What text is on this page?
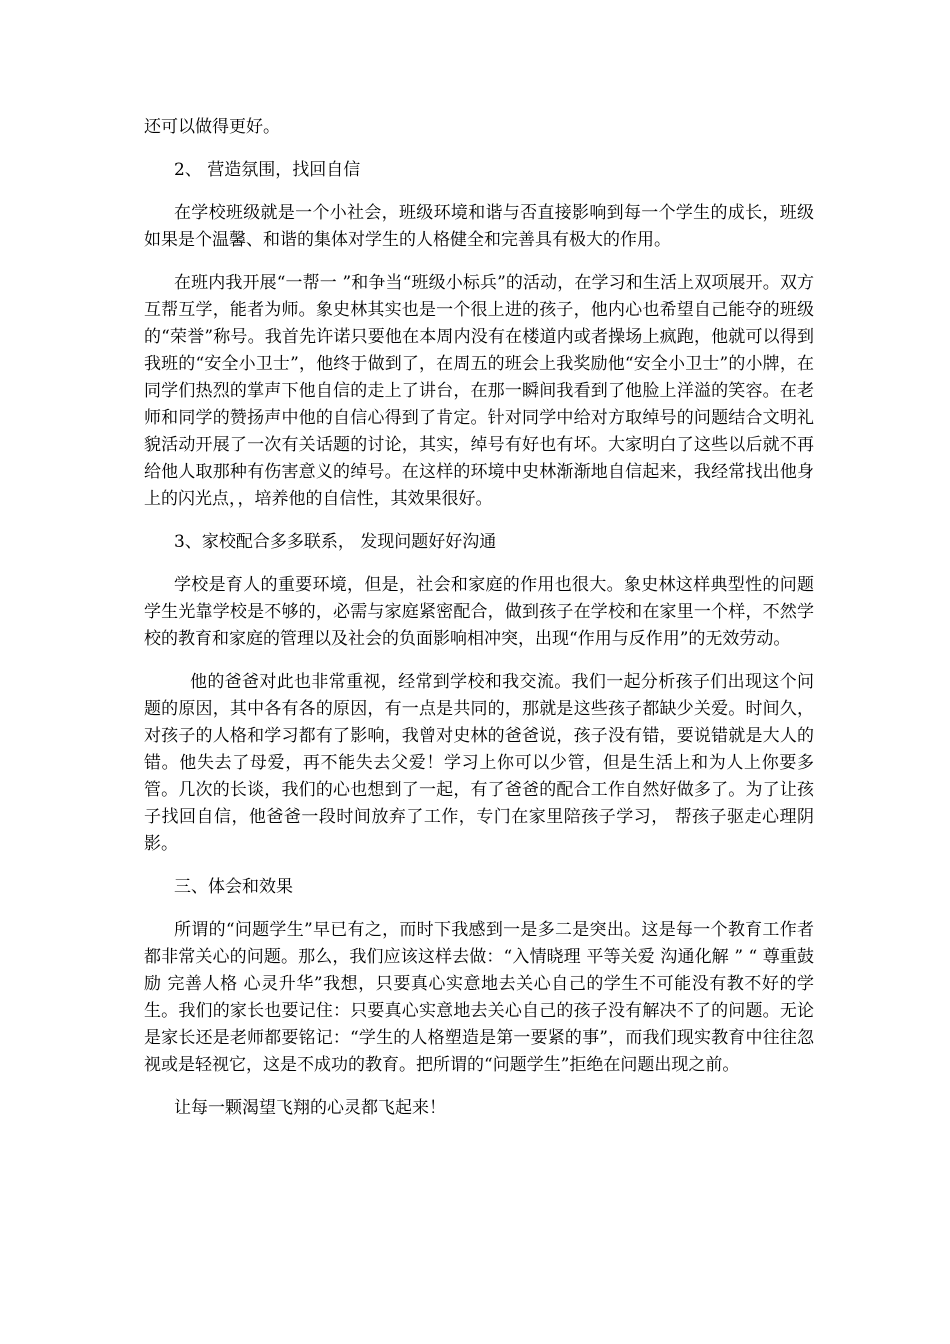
还可以做得更好。

2、 营造氛围，找回自信

在学校班级就是一个小社会，班级环境和谐与否直接影响到每一个学生的成长，班级如果是个温馨、和谐的集体对学生的人格健全和完善具有极大的作用。

在班内我开展“一帮一 ”和争当“班级小标兵”的活动，在学习和生活上双项展开。双方互帮互学，能者为师。象史林其实也是一个很上进的孩子，他内心也希望自己能夺的班级的“荣誉”称号。我首先许诺只要他在本周内没有在楼道内或者操场上疯跑，他就可以得到我班的“安全小卫士”，他终于做到了，在周五的班会上我奖励他“安全小卫士”的小牌，在同学们热烈的掌声下他自信的走上了讲台，在那一瞬间我看到了他脸上洋溢的笑容。在老师和同学的赞扬声中他的自信心得到了肯定。针对同学中给对方取绰号的问题结合文明礼貌活动开展了一次有关话题的讨论，其实，绰号有好也有坏。大家明白了这些以后就不再给他人取那种有伤害意义的绰号。在这样的环境中史林渐渐地自信起来，我经常找出他身上的闪光点，，培养他的自信性，其效果很好。

3、家校配合多多联系， 发现问题好好沟通

学校是育人的重要环境，但是，社会和家庭的作用也很大。象史林这样典型性的问题学生光靠学校是不够的，必需与家庭紧密配合，做到孩子在学校和在家里一个样，不然学校的教育和家庭的管理以及社会的负面影响相冲突，出现“作用与反作用”的无效劳动。

他的爸爸对此也非常重视，经常到学校和我交流。我们一起分析孩子们出现这个问题的原因，其中各有各的原因，有一点是共同的，那就是这些孩子都缺少关爱。时间久，对孩子的人格和学习都有了影响，我曾对史林的爸爸说，孩子没有错，要说错就是大人的错。他失去了母爱，再不能失去父爱！学习上你可以少管，但是生活上和为人上你要多管。几次的长谈，我们的心也想到了一起，有了爸爸的配合工作自然好做多了。为了让孩子找回自信，他爸爸一段时间放弃了工作，专门在家里陪孩子学习， 帮孩子驱走心理阴影。

三、体会和效果

所谓的“问题学生”早已有之，而时下我感到一是多二是突出。这是每一个教育工作者都非常关心的问题。那么，我们应该这样去做：“入情晓理 平等关爱 沟通化解 ” “ 尊重鼓励 完善人格 心灵升华”我想，只要真心实意地去关心自己的学生不可能没有教不好的学生。我们的家长也要记住：只要真心实意地去关心自己的孩子没有解决不了的问题。无论是家长还是老师都要铭记：“学生的人格塑造是第一要紧的事”，而我们现实教育中往往忽视或是轻视它，这是不成功的教育。把所谓的“问题学生”拒绝在问题出现之前。

让每一颗渴望飞翔的心灵都飞起来！
